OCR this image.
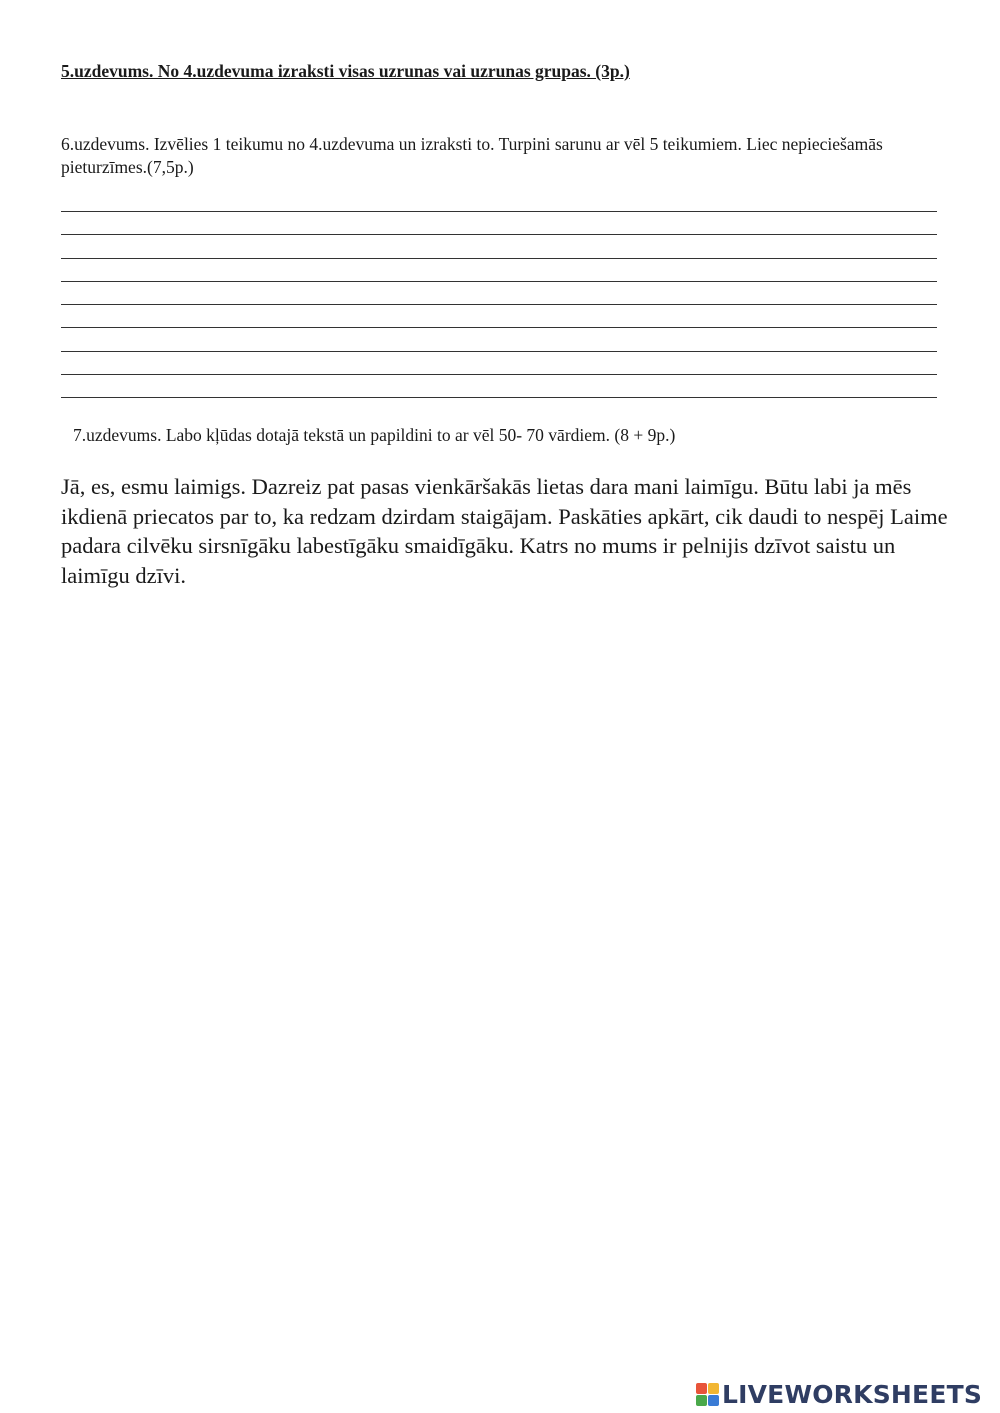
5.uzdevums. No 4.uzdevuma izraksti visas uzrunas vai uzrunas grupas. (3p.)
6.uzdevums. Izvēlies 1 teikumu no 4.uzdevuma un izraksti to. Turpini sarunu ar vēl 5 teikumiem. Liec nepieciešamās pieturzīmes.(7,5p.)
7.uzdevums. Labo kļūdas dotajā tekstā un papildini to ar vēl 50- 70 vārdiem. (8 + 9p.)
Jā, es, esmu laimigs. Dazreiz pat pasas vienkāršakās lietas dara mani laimīgu. Būtu labi ja mēs ikdienā priecatos par to, ka redzam dzirdam staigājam. Paskāties apkārt, cik daudi to nespēj Laime padara cilvēku sirsnīgāku labestīgāku smaidīgāku. Katrs no mums ir pelnijis dzīvot saistu un laimīgu dzīvi.
LIVEWORKSHEETS
